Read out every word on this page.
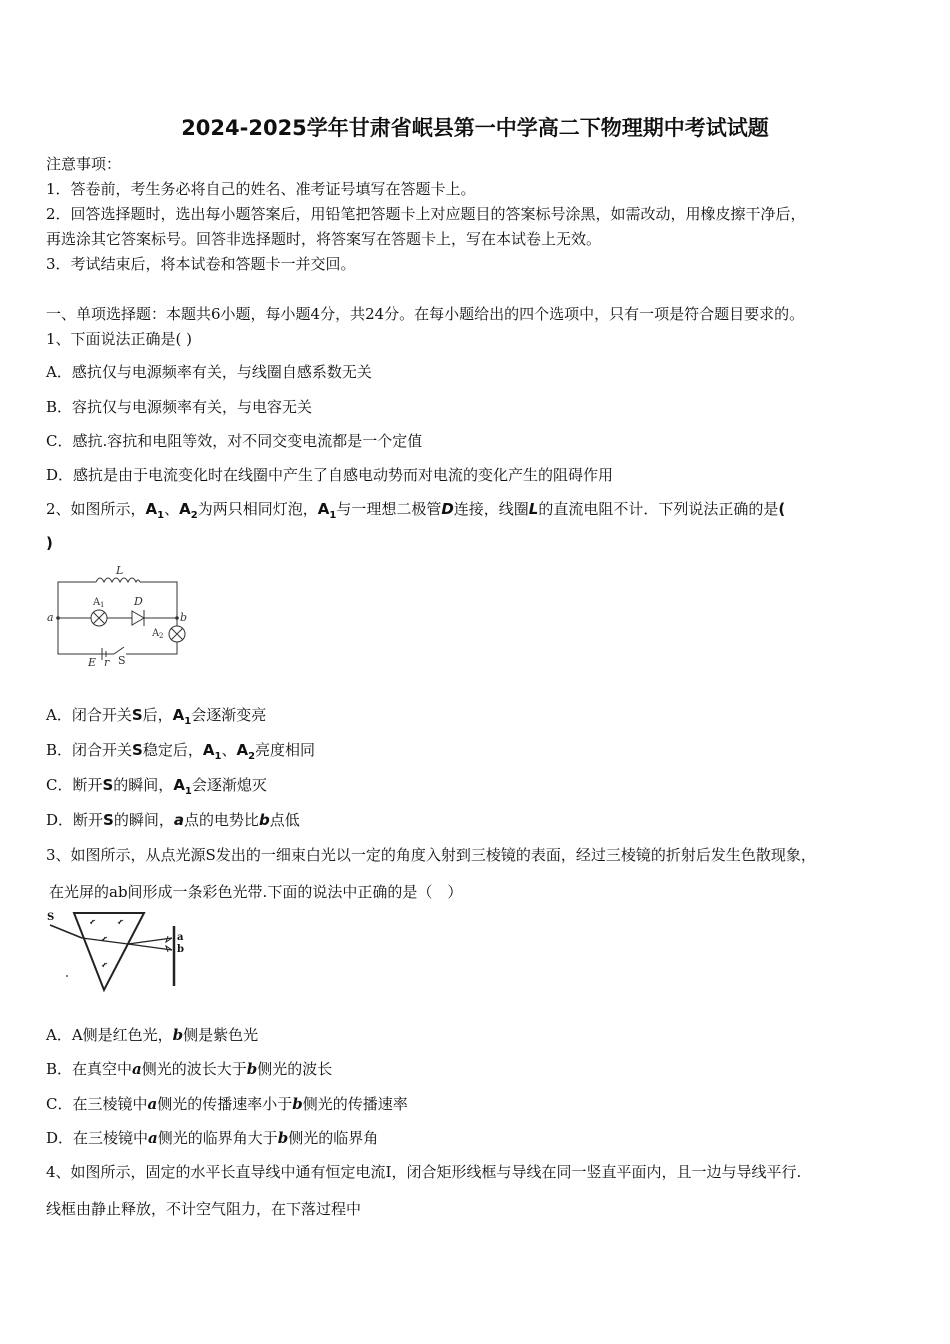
2024-2025学年甘肃省岷县第一中学高二下物理期中考试试题
注意事项：
1．答卷前，考生务必将自己的姓名、准考证号填写在答题卡上。
2．回答选择题时，选出每小题答案后，用铅笔把答题卡上对应题目的答案标号涂黑，如需改动，用橡皮擦干净后，
再选涂其它答案标号。回答非选择题时，将答案写在答题卡上，写在本试卷上无效。
3．考试结束后，将本试卷和答题卡一并交回。
一、单项选择题：本题共6小题，每小题4分，共24分。在每小题给出的四个选项中，只有一项是符合题目要求的。
1、下面说法正确是( )
A．感抗仅与电源频率有关，与线圈自感系数无关
B．容抗仅与电源频率有关，与电容无关
C．感抗.容抗和电阻等效，对不同交变电流都是一个定值
D．感抗是由于电流变化时在线圈中产生了自感电动势而对电流的变化产生的阻碍作用
2、如图所示，$A_1$、$A_2$为两只相同灯泡，$A_1$与一理想二极管D连接，线圈L的直流电阻不计．下列说法正确的是(
)
L
A 1	D
a	b
A 2
E r S
A．闭合开关S后，$A_1$会逐渐变亮
B．闭合开关S稳定后，$A_1$、$A_2$亮度相同
C．断开S的瞬间，$A_1$会逐渐熄灭
D．断开S的瞬间，a点的电势比b点低
3、如图所示，从点光源S发出的一细束白光以一定的角度入射到三棱镜的表面，经过三棱镜的折射后发生色散现象，
在光屏的ab间形成一条彩色光带.下面的说法中正确的是（　）
S
a
b
A．A侧是红色光，b侧是紫色光
B．在真空中a侧光的波长大于b侧光的波长
C．在三棱镜中a侧光的传播速率小于b侧光的传播速率
D．在三棱镜中a侧光的临界角大于b侧光的临界角
4、如图所示，固定的水平长直导线中通有恒定电流I，闭合矩形线框与导线在同一竖直平面内，且一边与导线平行.
线框由静止释放，不计空气阻力，在下落过程中
